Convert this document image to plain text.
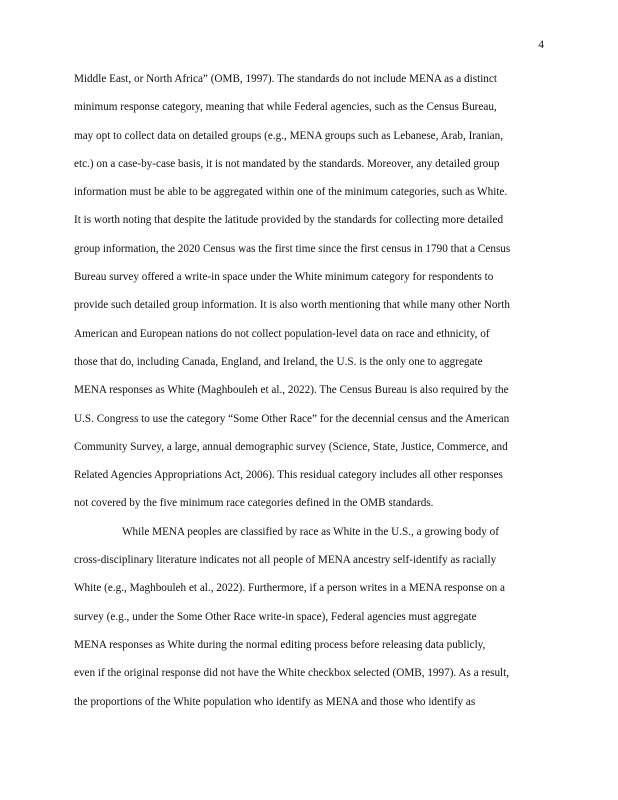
4
Middle East, or North Africa” (OMB, 1997). The standards do not include MENA as a distinct
minimum response category, meaning that while Federal agencies, such as the Census Bureau,
may opt to collect data on detailed groups (e.g., MENA groups such as Lebanese, Arab, Iranian,
etc.) on a case-by-case basis, it is not mandated by the standards. Moreover, any detailed group
information must be able to be aggregated within one of the minimum categories, such as White.
It is worth noting that despite the latitude provided by the standards for collecting more detailed
group information, the 2020 Census was the first time since the first census in 1790 that a Census
Bureau survey offered a write-in space under the White minimum category for respondents to
provide such detailed group information. It is also worth mentioning that while many other North
American and European nations do not collect population-level data on race and ethnicity, of
those that do, including Canada, England, and Ireland, the U.S. is the only one to aggregate
MENA responses as White (Maghbouleh et al., 2022). The Census Bureau is also required by the
U.S. Congress to use the category “Some Other Race” for the decennial census and the American
Community Survey, a large, annual demographic survey (Science, State, Justice, Commerce, and
Related Agencies Appropriations Act, 2006). This residual category includes all other responses
not covered by the five minimum race categories defined in the OMB standards.
While MENA peoples are classified by race as White in the U.S., a growing body of
cross-disciplinary literature indicates not all people of MENA ancestry self-identify as racially
White (e.g., Maghbouleh et al., 2022). Furthermore, if a person writes in a MENA response on a
survey (e.g., under the Some Other Race write-in space), Federal agencies must aggregate
MENA responses as White during the normal editing process before releasing data publicly,
even if the original response did not have the White checkbox selected (OMB, 1997). As a result,
the proportions of the White population who identify as MENA and those who identify as
